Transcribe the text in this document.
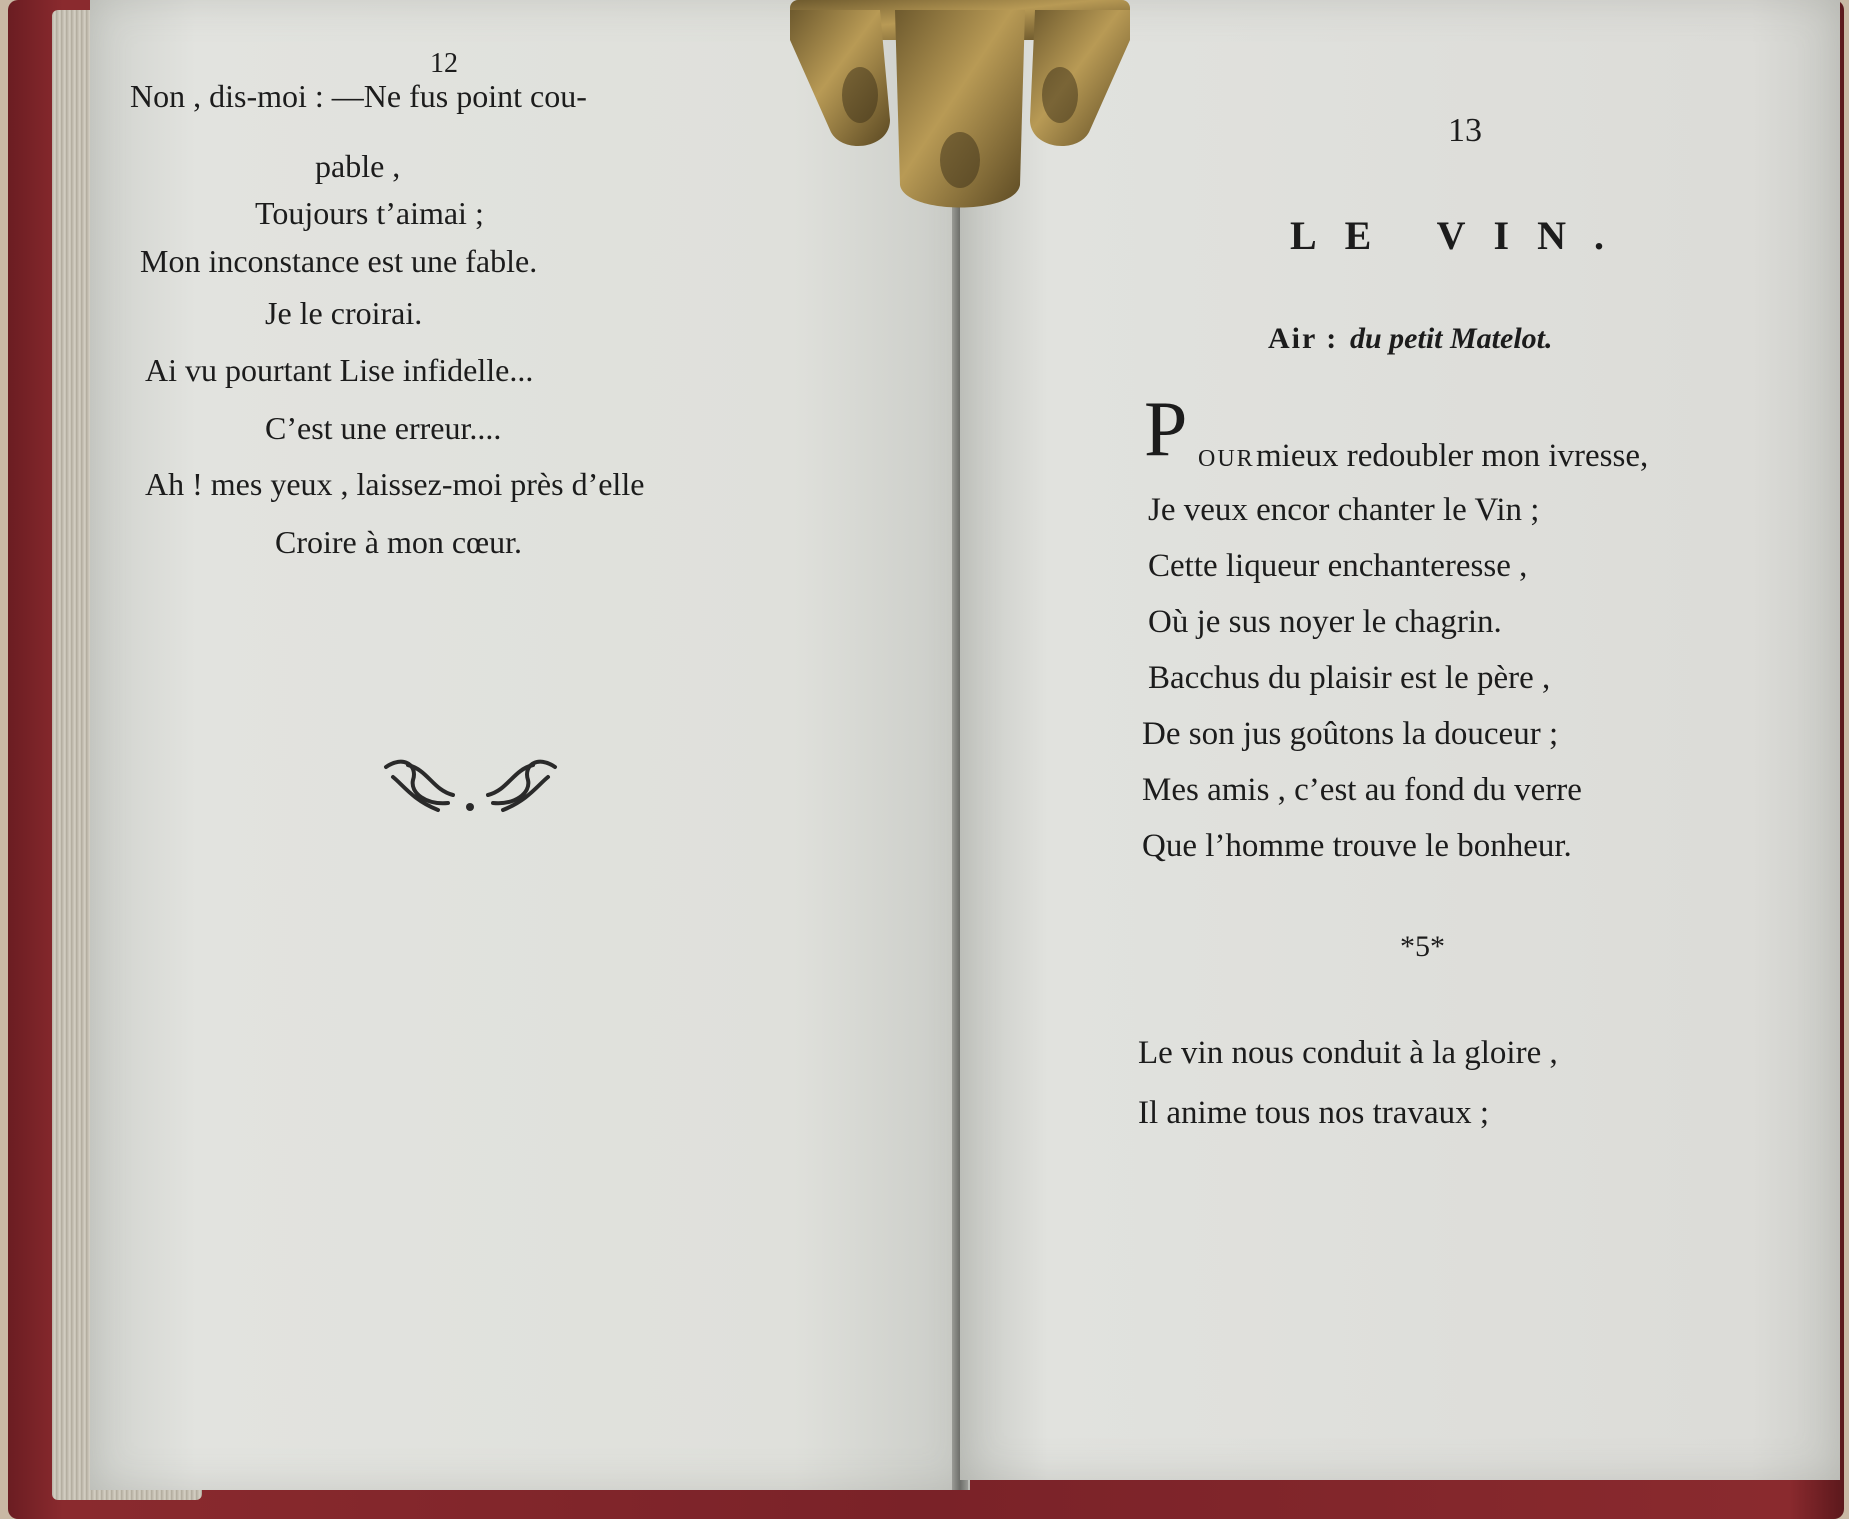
12
Non , dis-moi : —Ne fus point cou-
pable ,
Toujours t’aimai ;
Mon inconstance est une fable.
Je le croirai.
Ai vu pourtant Lise infidelle...
C’est une erreur....
Ah ! mes yeux , laissez-moi près d’elle
Croire à mon cœur.
13
LE VIN.
Air : du petit Matelot.
P OUR mieux redoubler mon ivresse,
Je veux encor chanter le Vin ;
Cette liqueur enchanteresse ,
Où je sus noyer le chagrin.
Bacchus du plaisir est le père ,
De son jus goûtons la douceur ;
Mes amis , c’est au fond du verre
Que l’homme trouve le bonheur.
*5*
Le vin nous conduit à la gloire ,
Il anime tous nos travaux ;
